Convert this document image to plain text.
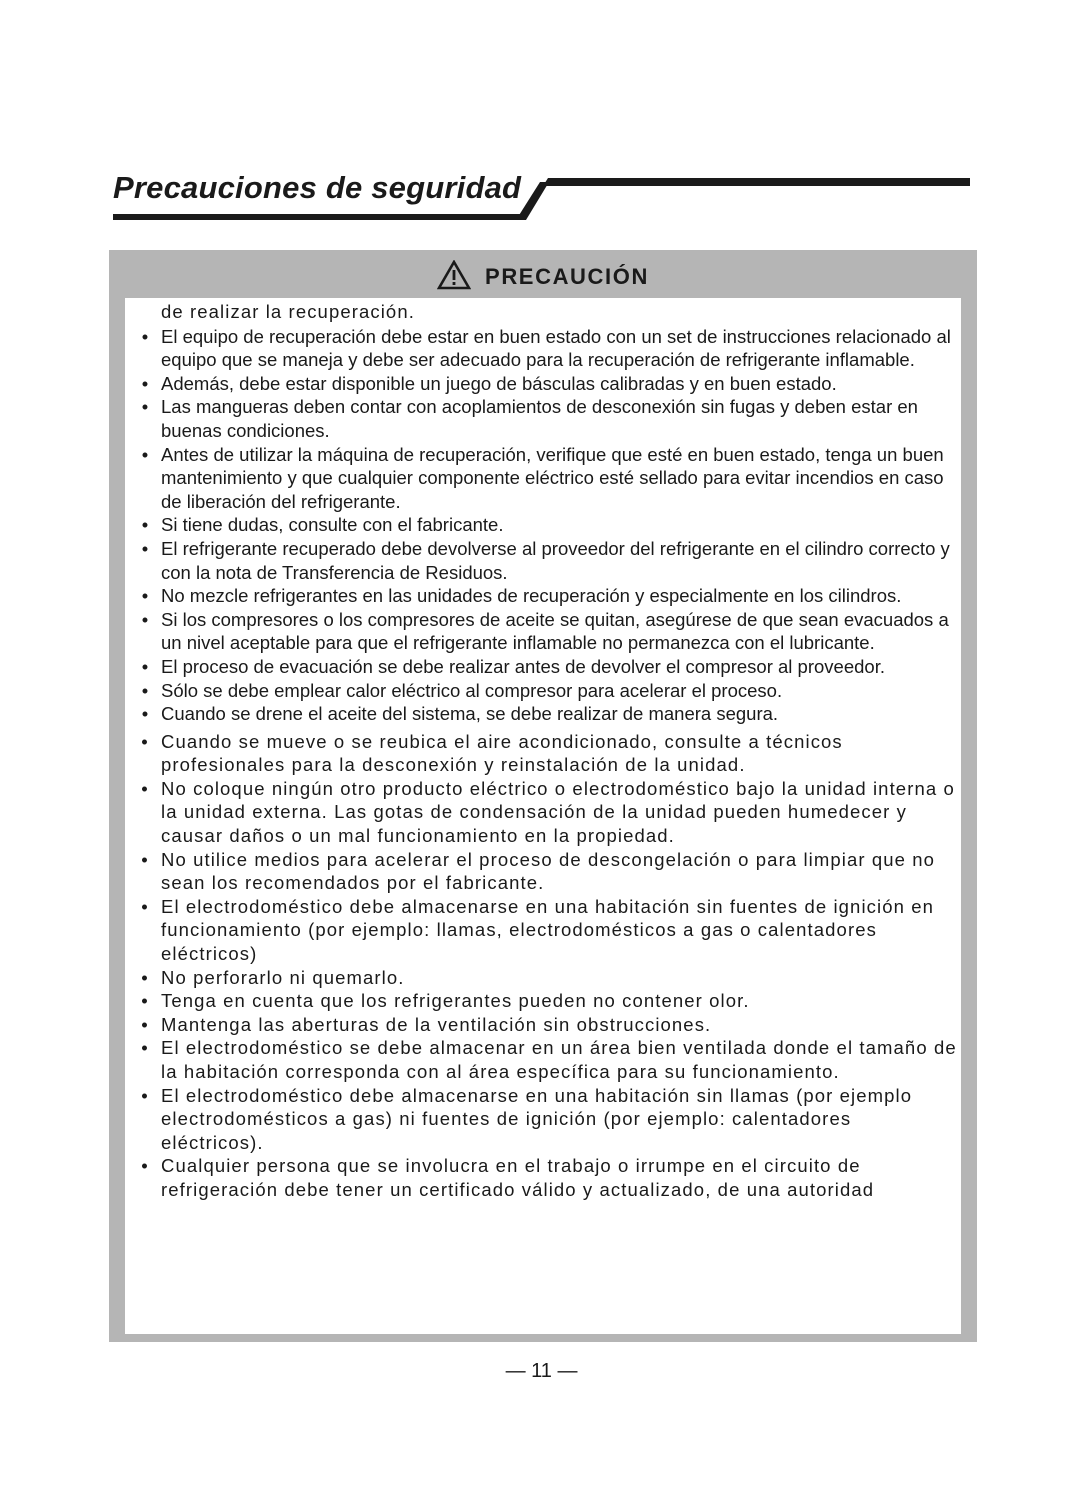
Precauciones de seguridad
PRECAUCIÓN
de realizar la recuperación.
• El equipo de recuperación debe estar en buen estado con un set de instrucciones relacionado al equipo que se maneja y debe ser adecuado para la recuperación de refrigerante inflamable.
• Además, debe estar disponible un juego de básculas calibradas y en buen estado.
• Las mangueras deben contar con acoplamientos de desconexión sin fugas y deben estar en buenas condiciones.
• Antes de utilizar la máquina de recuperación, verifique que esté en buen estado, tenga un buen mantenimiento y que cualquier componente eléctrico esté sellado para evitar incendios en caso de liberación del refrigerante.
• Si tiene dudas, consulte con el fabricante.
• El refrigerante recuperado debe devolverse al proveedor del refrigerante en el cilindro correcto y con la nota de Transferencia de Residuos.
• No mezcle refrigerantes en las unidades de recuperación y especialmente en los cilindros.
• Si los compresores o los compresores de aceite se quitan, asegúrese de que sean evacuados a un nivel aceptable para que el refrigerante inflamable no permanezca con el lubricante.
• El proceso de evacuación se debe realizar antes de devolver el compresor al proveedor.
• Sólo se debe emplear calor eléctrico al compresor para acelerar el proceso.
• Cuando se drene el aceite del sistema, se debe realizar de manera segura.
• Cuando se mueve o se reubica el aire acondicionado, consulte a técnicos profesionales para la desconexión y reinstalación de la unidad.
• No coloque ningún otro producto eléctrico o electrodoméstico bajo la unidad interna o la unidad externa. Las gotas de condensación de la unidad pueden humedecer y causar daños o un mal funcionamiento en la propiedad.
• No utilice medios para acelerar el proceso de descongelación o para limpiar que no sean los recomendados por el fabricante.
• El electrodoméstico debe almacenarse en una habitación sin fuentes de ignición en funcionamiento (por ejemplo: llamas, electrodomésticos a gas o calentadores eléctricos)
• No perforarlo ni quemarlo.
• Tenga en cuenta que los refrigerantes pueden no contener olor.
• Mantenga las aberturas de la ventilación sin obstrucciones.
• El electrodoméstico se debe almacenar en un área bien ventilada donde el tamaño de la habitación corresponda con al área específica para su funcionamiento.
• El electrodoméstico debe almacenarse en una habitación sin llamas (por ejemplo electrodomésticos a gas) ni fuentes de ignición (por ejemplo: calentadores eléctricos).
• Cualquier persona que se involucra en el trabajo o irrumpe en el circuito de refrigeración debe tener un certificado válido y actualizado, de una autoridad
— 11 —
